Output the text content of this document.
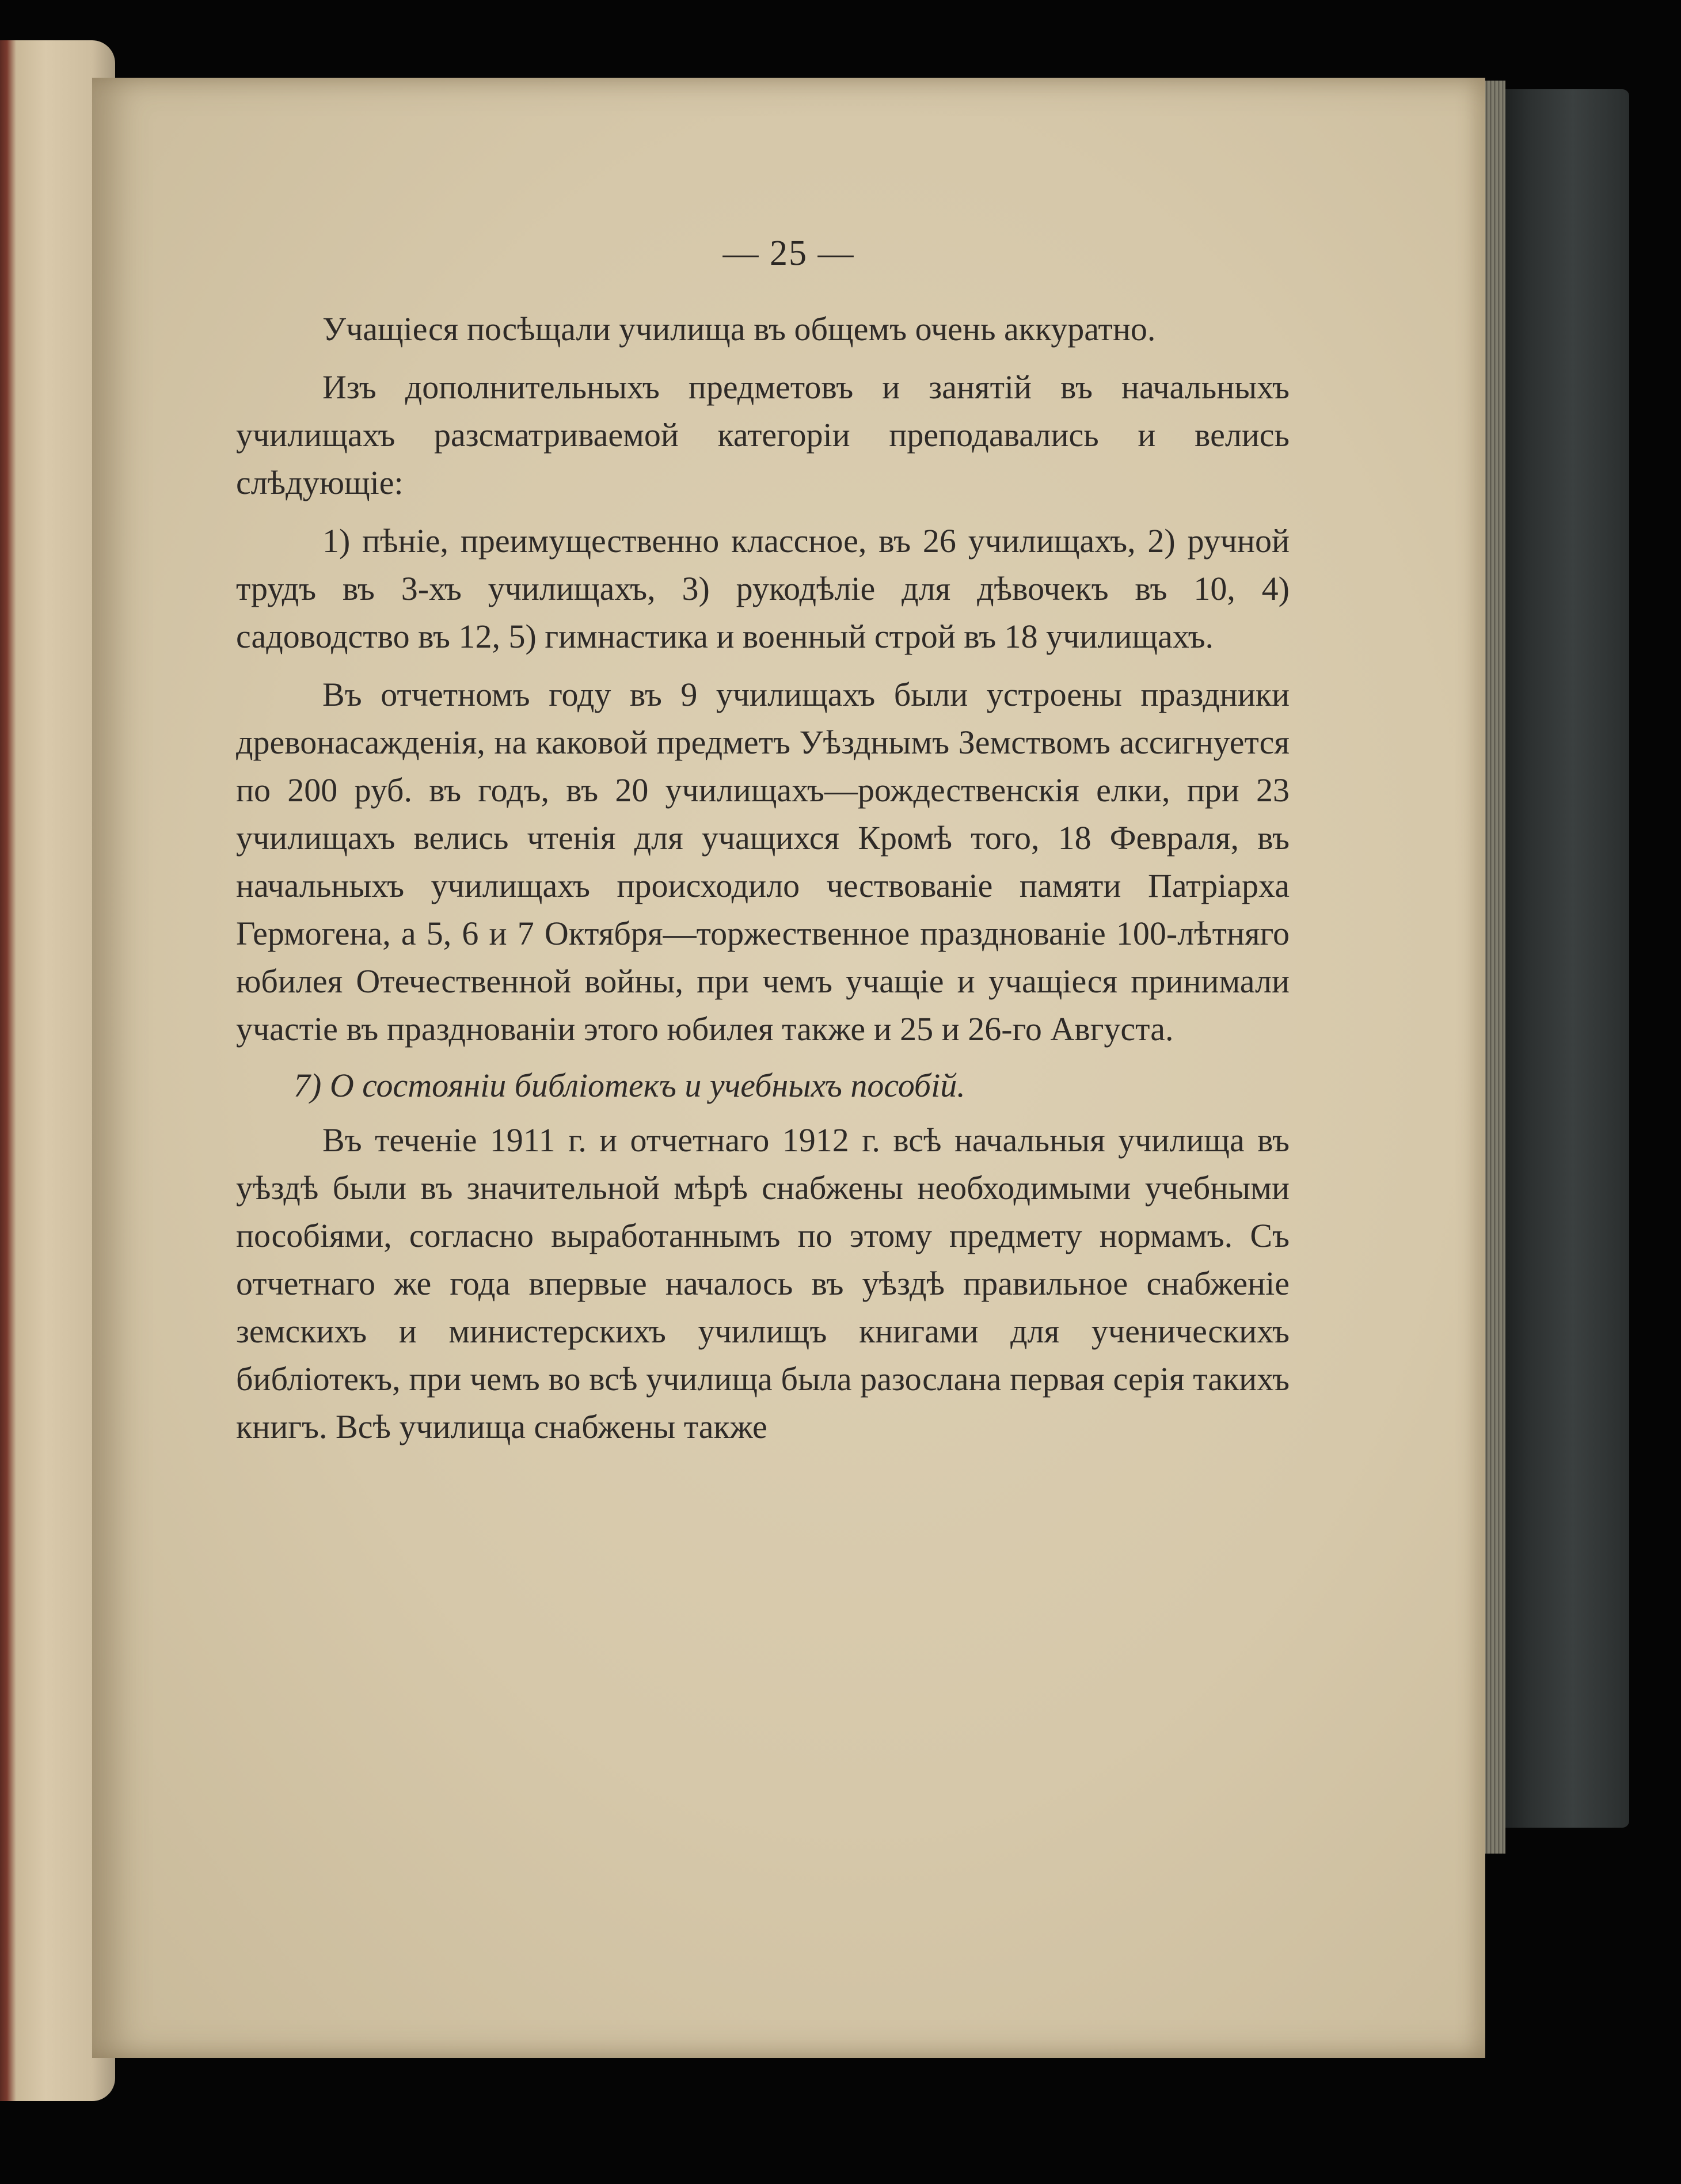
— 25 —

Учащіеся посѣщали училища въ общемъ очень аккуратно.

Изъ дополнительныхъ предметовъ и занятій въ начальныхъ училищахъ разсматриваемой категоріи преподавались и велись слѣдующіе:

1) пѣніе, преимущественно классное, въ 26 училищахъ, 2) ручной трудъ въ 3-хъ училищахъ, 3) рукодѣліе для дѣвочекъ въ 10, 4) садоводство въ 12, 5) гимнастика и военный строй въ 18 училищахъ.

Въ отчетномъ году въ 9 училищахъ были устроены праздники древонасажденія, на каковой предметъ Уѣзднымъ Земствомъ ассигнуется по 200 руб. въ годъ, въ 20 училищахъ—рождественскія елки, при 23 училищахъ велись чтенія для учащихся Кромѣ того, 18 Февраля, въ начальныхъ училищахъ происходило чествованіе памяти Патріарха Гермогена, а 5, 6 и 7 Октября—торжественное празднованіе 100-лѣтняго юбилея Отечественной войны, при чемъ учащіе и учащіеся принимали участіе въ празднованіи этого юбилея также и 25 и 26-го Августа.

7) О состояніи библіотекъ и учебныхъ пособій.

Въ теченіе 1911 г. и отчетнаго 1912 г. всѣ начальныя училища въ уѣздѣ были въ значительной мѣрѣ снабжены необходимыми учебными пособіями, согласно выработаннымъ по этому предмету нормамъ. Съ отчетнаго же года впервые началось въ уѣздѣ правильное снабженіе земскихъ и министерскихъ училищъ книгами для ученическихъ библіотекъ, при чемъ во всѣ училища была разослана первая серія такихъ книгъ. Всѣ училища снабжены также
